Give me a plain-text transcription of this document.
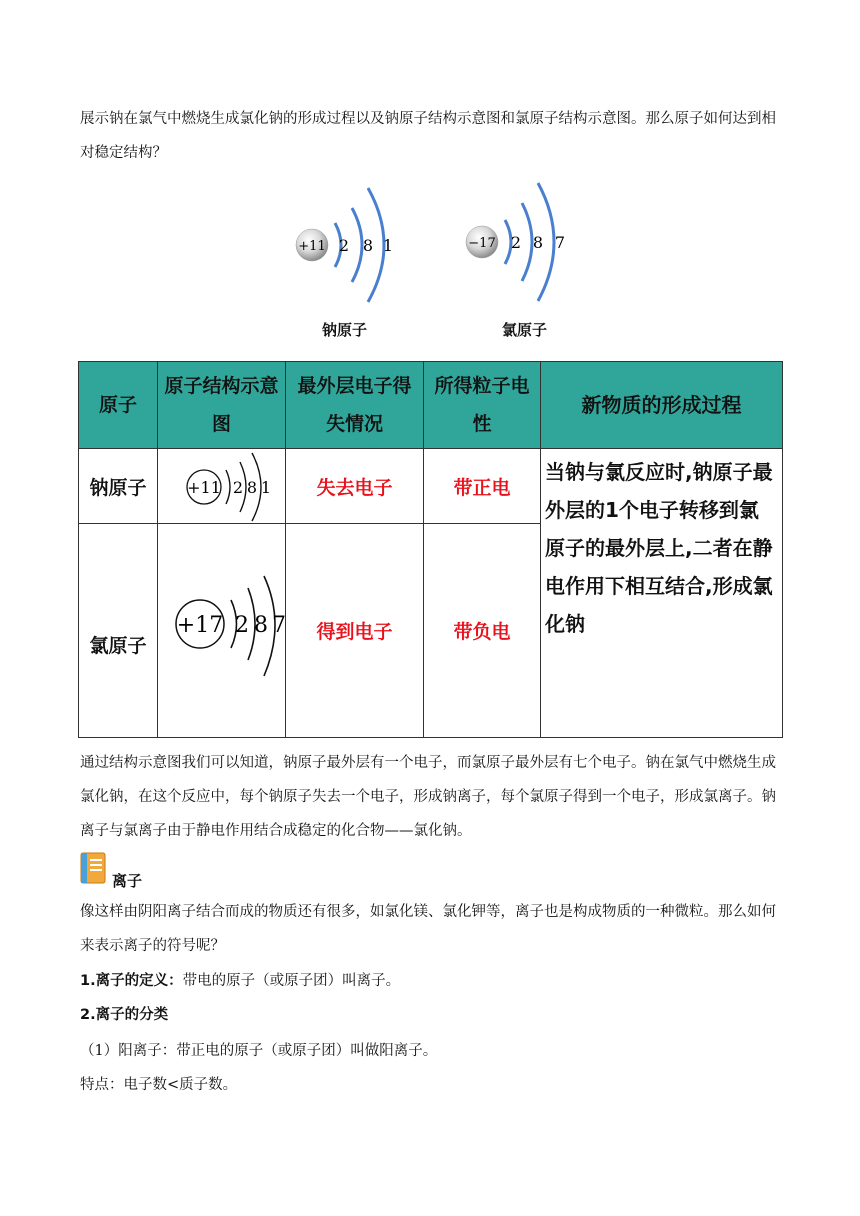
展示钠在氯气中燃烧生成氯化钠的形成过程以及钠原子结构示意图和氯原子结构示意图。那么原子如何达到相对稳定结构？

+11 2 8 1	−17 2 8 7
钠原子	氯原子
原子	原子结构示意图	最外层电子得失情况	所得粒子电性	新物质的形成过程
钠原子	+11 2 8 1	失去电子	带正电	当钠与氯反应时,钠原子最外层的1个电子转移到氯原子的最外层上,二者在静电作用下相互结合,形成氯化钠
氯原子	+17 2 8 7	得到电子	带负电	

通过结构示意图我们可以知道，钠原子最外层有一个电子，而氯原子最外层有七个电子。钠在氯气中燃烧生成氯化钠，在这个反应中，每个钠原子失去一个电子，形成钠离子，每个氯原子得到一个电子，形成氯离子。钠离子与氯离子由于静电作用结合成稳定的化合物——氯化钠。

离子

像这样由阴阳离子结合而成的物质还有很多，如氯化镁、氯化钾等，离子也是构成物质的一种微粒。那么如何来表示离子的符号呢？

1.离子的定义：带电的原子（或原子团）叫离子。
2.离子的分类
（1）阳离子：带正电的原子（或原子团）叫做阳离子。
特点：电子数<质子数。
